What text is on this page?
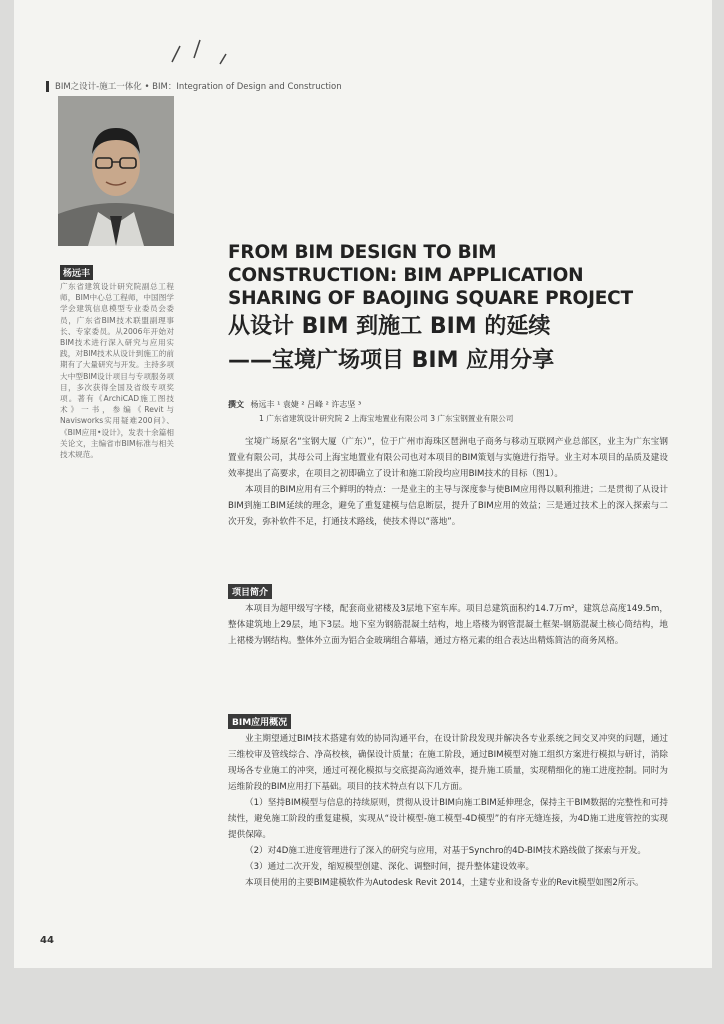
BIM之设计-施工一体化 • BIM：Integration of Design and Construction
杨远丰
广东省建筑设计研究院副总工程师，BIM中心总工程师，中国图学学会建筑信息模型专业委员会委员，广东省BIM技术联盟副理事长、专家委员。从2006年开始对BIM技术进行深入研究与应用实践，对BIM技术从设计到施工的前期有了大量研究与开发。主持多项大中型BIM设计项目与专项服务项目，多次获得全国及省级专项奖项。著有《ArchiCAD施工图技术》一书，参编《Revit与Navisworks实用疑难200问》、《BIM应用•设计》，发表十余篇相关论文，主编省市BIM标准与相关技术规范。
FROM BIM DESIGN TO BIM CONSTRUCTION: BIM APPLICATION SHARING OF BAOJING SQUARE PROJECT
从设计 BIM 到施工 BIM 的延续
——宝境广场项目 BIM 应用分享
撰文 杨远丰 ¹ 袁婕 ² 吕峰 ² 许志坚 ³
1 广东省建筑设计研究院 2 上海宝地置业有限公司 3 广东宝钢置业有限公司

宝境广场原名“宝钢大厦（广东）”，位于广州市海珠区琶洲电子商务与移动互联网产业总部区，业主为广东宝钢置业有限公司，其母公司上海宝地置业有限公司也对本项目的BIM策划与实施进行指导。业主对本项目的品质及建设效率提出了高要求，在项目之初即确立了设计和施工阶段均应用BIM技术的目标（图1）。

本项目的BIM应用有三个鲜明的特点：一是业主的主导与深度参与使BIM应用得以顺利推进；二是贯彻了从设计BIM到施工BIM延续的理念，避免了重复建模与信息断层，提升了BIM应用的效益；三是通过技术上的深入探索与二次开发，弥补软件不足，打通技术路线，使技术得以“落地”。

项目简介

本项目为超甲级写字楼，配套商业裙楼及3层地下室车库。项目总建筑面积约14.7万m²，建筑总高度149.5m，整体建筑地上29层，地下3层。地下室为钢筋混凝土结构，地上塔楼为钢管混凝土框架-钢筋混凝土核心筒结构，地上裙楼为钢结构。整体外立面为铝合金玻璃组合幕墙，通过方格元素的组合表达出精炼简洁的商务风格。

BIM应用概况

业主期望通过BIM技术搭建有效的协同沟通平台，在设计阶段发现并解决各专业系统之间交叉冲突的问题，通过三维校审及管线综合、净高校核，确保设计质量；在施工阶段，通过BIM模型对施工组织方案进行模拟与研讨，消除现场各专业施工的冲突，通过可视化模拟与交底提高沟通效率，提升施工质量，实现精细化的施工进度控制。同时为运维阶段的BIM应用打下基础。项目的技术特点有以下几方面。

（1）坚持BIM模型与信息的持续原则，贯彻从设计BIM向施工BIM延伸理念，保持主干BIM数据的完整性和可持续性，避免施工阶段的重复建模，实现从“设计模型-施工模型-4D模型”的有序无缝连接，为4D施工进度管控的实现提供保障。

（2）对4D施工进度管理进行了深入的研究与应用，对基于Synchro的4D-BIM技术路线做了探索与开发。

（3）通过二次开发，缩短模型创建、深化、调整时间，提升整体建设效率。

本项目使用的主要BIM建模软件为Autodesk Revit 2014，土建专业和设备专业的Revit模型如图2所示。

44
